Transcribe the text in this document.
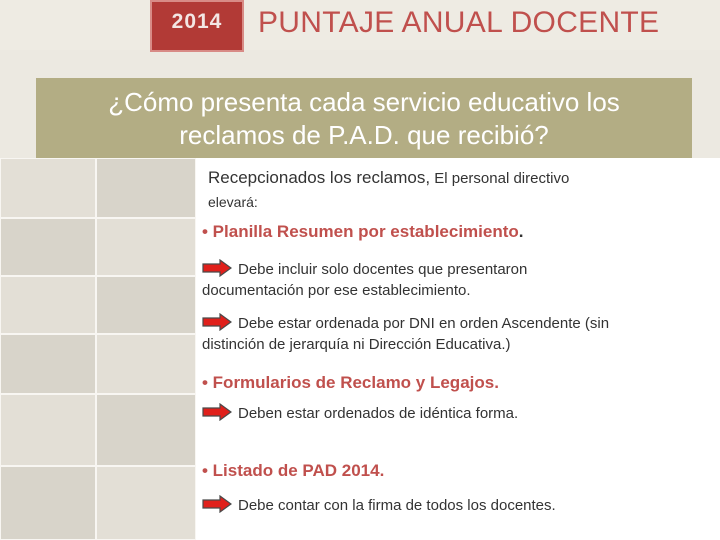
2014	PUNTAJE ANUAL DOCENTE
¿Cómo presenta cada servicio educativo los
reclamos de P.A.D. que recibió?
Recepcionados los reclamos, El personal directivo
elevará:
• Planilla Resumen por establecimiento.
Debe incluir solo docentes que presentaron
documentación por ese establecimiento.
Debe estar ordenada por DNI en orden Ascendente (sin
distinción de jerarquía ni Dirección Educativa.)
• Formularios de Reclamo y Legajos.
Deben estar ordenados de idéntica forma.
• Listado de PAD 2014.
Debe contar con la firma de todos los docentes.
